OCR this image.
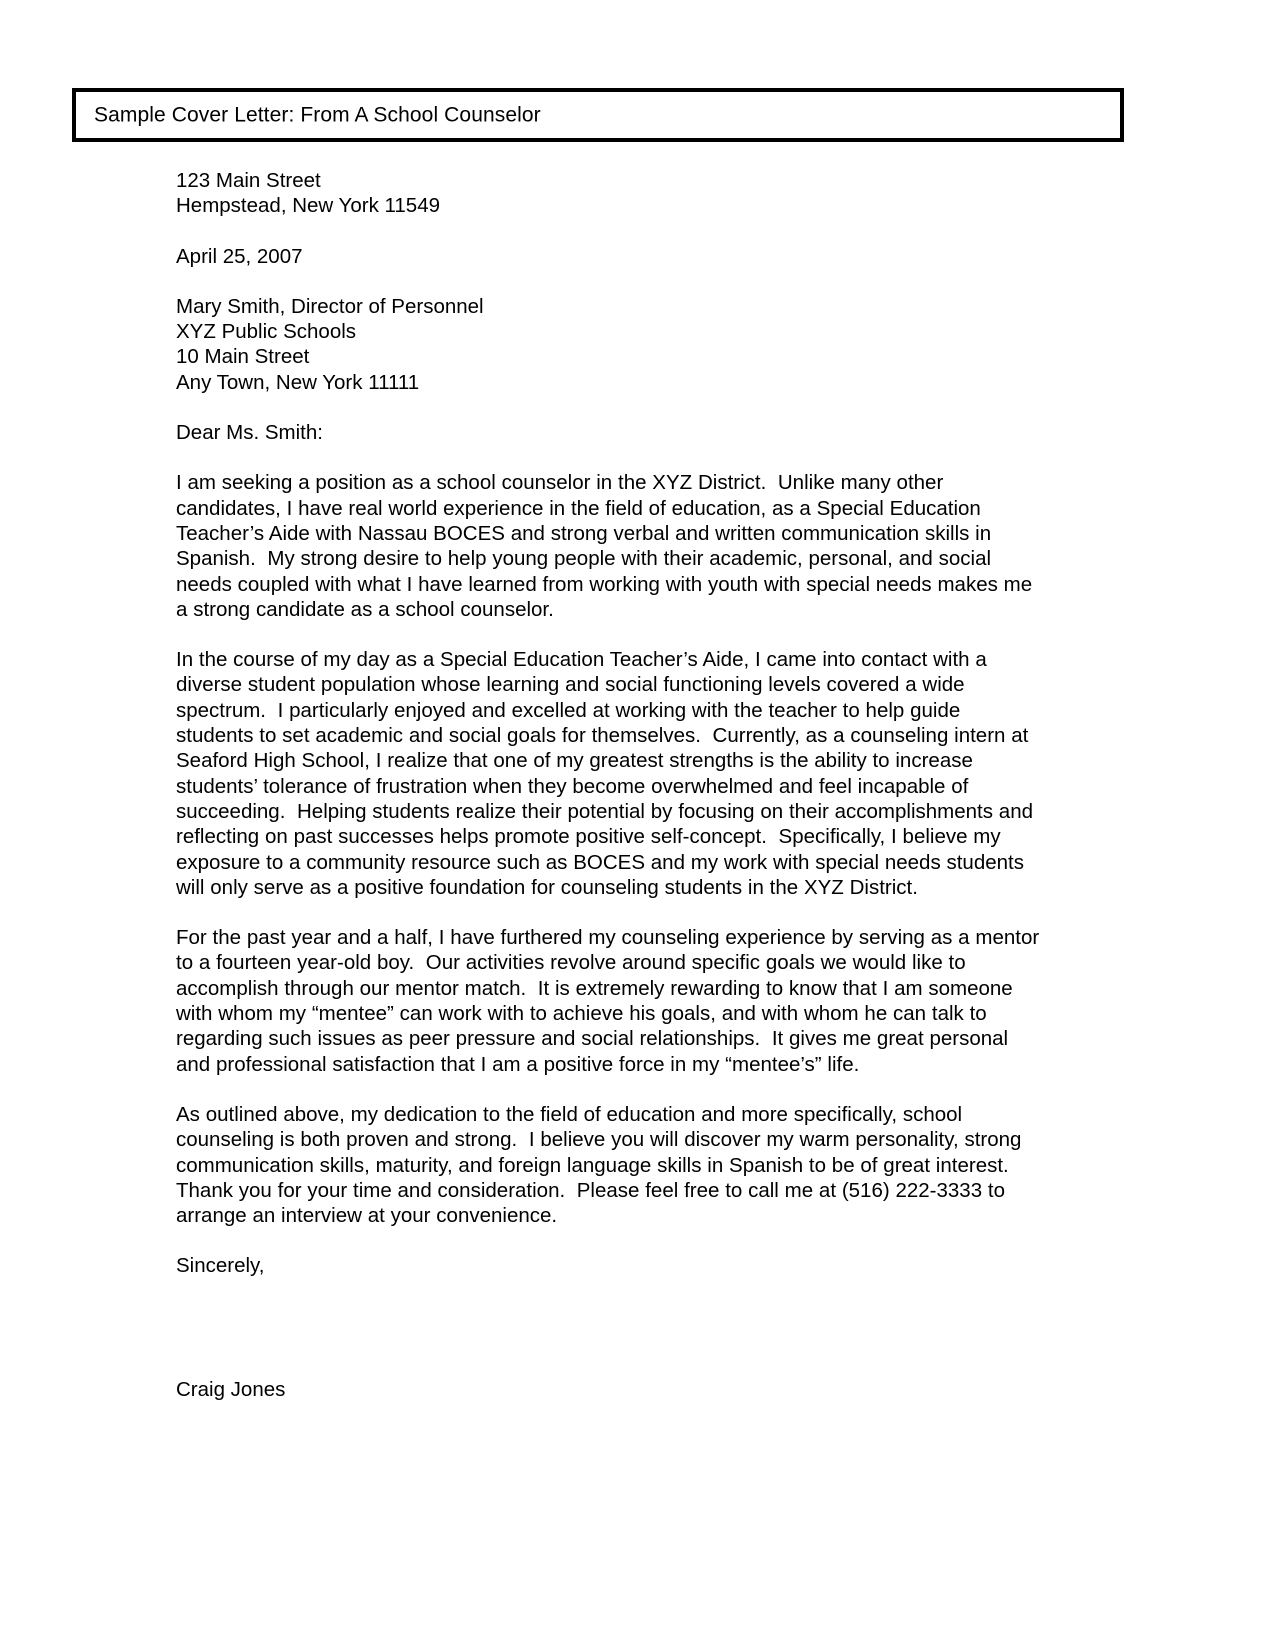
Sample Cover Letter: From A School Counselor
123 Main Street
Hempstead, New York 11549
April 25, 2007
Mary Smith, Director of Personnel
XYZ Public Schools
10 Main Street
Any Town, New York 11111
Dear Ms. Smith:

I am seeking a position as a school counselor in the XYZ District.  Unlike many other candidates, I have real world experience in the field of education, as a Special Education Teacher’s Aide with Nassau BOCES and strong verbal and written communication skills in Spanish.  My strong desire to help young people with their academic, personal, and social needs coupled with what I have learned from working with youth with special needs makes me a strong candidate as a school counselor.

In the course of my day as a Special Education Teacher’s Aide, I came into contact with a diverse student population whose learning and social functioning levels covered a wide spectrum.  I particularly enjoyed and excelled at working with the teacher to help guide students to set academic and social goals for themselves.  Currently, as a counseling intern at Seaford High School, I realize that one of my greatest strengths is the ability to increase students’ tolerance of frustration when they become overwhelmed and feel incapable of succeeding.  Helping students realize their potential by focusing on their accomplishments and reflecting on past successes helps promote positive self-concept.  Specifically, I believe my exposure to a community resource such as BOCES and my work with special needs students will only serve as a positive foundation for counseling students in the XYZ District.

For the past year and a half, I have furthered my counseling experience by serving as a mentor to a fourteen year-old boy.  Our activities revolve around specific goals we would like to accomplish through our mentor match.  It is extremely rewarding to know that I am someone with whom my “mentee” can work with to achieve his goals, and with whom he can talk to regarding such issues as peer pressure and social relationships.  It gives me great personal and professional satisfaction that I am a positive force in my “mentee’s” life.

As outlined above, my dedication to the field of education and more specifically, school counseling is both proven and strong.  I believe you will discover my warm personality, strong communication skills, maturity, and foreign language skills in Spanish to be of great interest.  Thank you for your time and consideration.  Please feel free to call me at (516) 222-3333 to arrange an interview at your convenience.

Sincerely,
Craig Jones
